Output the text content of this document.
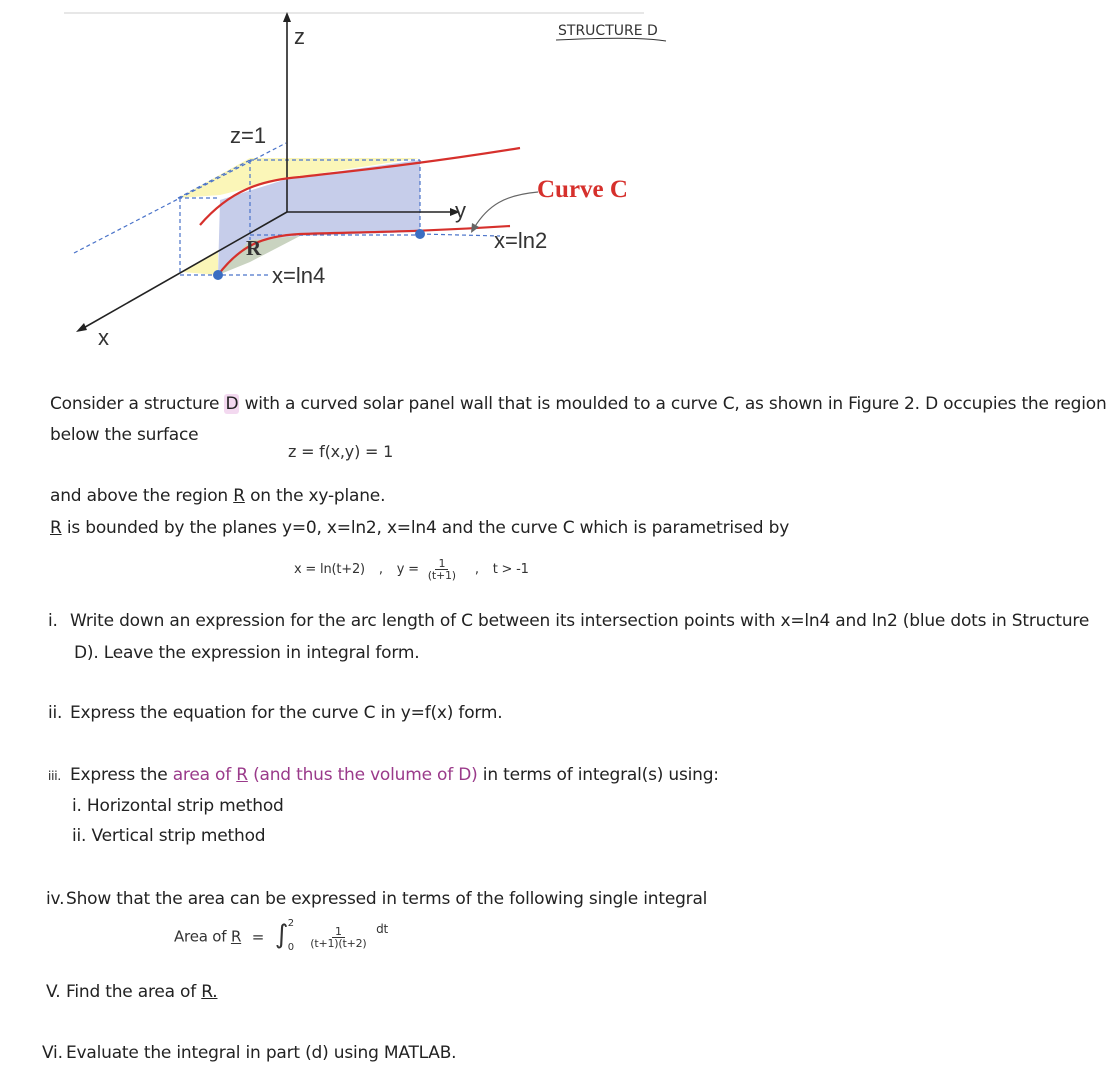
z
y
x
z=1
R
x=ln4
x=ln2
Curve C
STRUCTURE D
Consider a structure D with a curved solar panel wall that is moulded to a curve C, as shown in Figure 2. D occupies the region
below the surface
z = f(x,y) = 1
and above the region R on the xy-plane.
R is bounded by the planes y=0, x=ln2, x=ln4 and the curve C which is parametrised by
x = ln(t+2) , $y = \frac{1}{(t+1)}$ , t > -1
i. Write down an expression for the arc length of C between its intersection points with x=ln4 and ln2 (blue dots in Structure
D). Leave the expression in integral form.
ii. Express the equation for the curve C in y=f(x) form.
iii. Express the area of R (and thus the volume of D) in terms of integral(s) using:
i. Horizontal strip method
ii. Vertical strip method
iv. Show that the area can be expressed in terms of the following single integral
Area of R = ∫ 2
0
$\frac{1}{(t+1)(t+2)} ^{dt}$
V. Find the area of R.
Vi. Evaluate the integral in part (d) using MATLAB.
